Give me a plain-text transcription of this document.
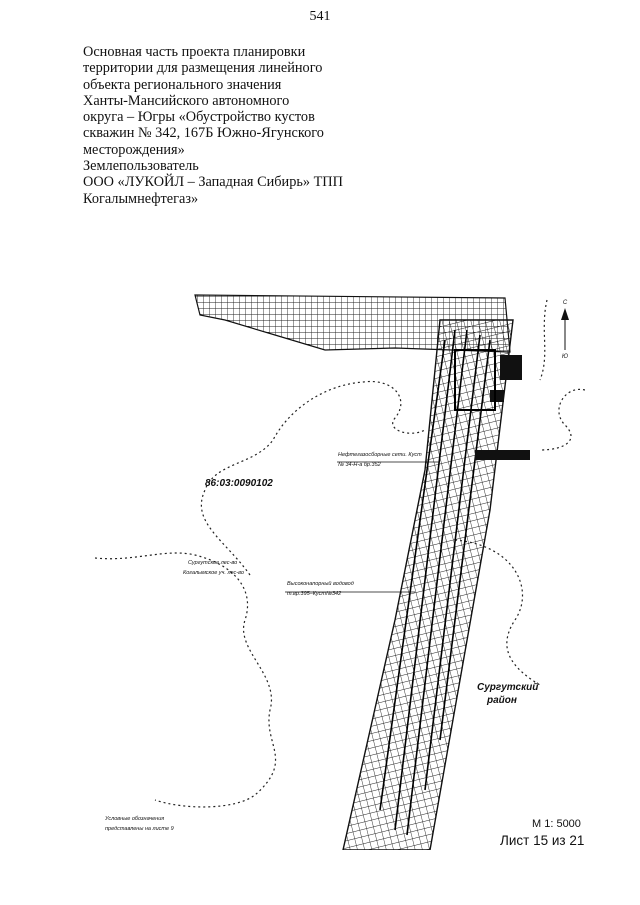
541
Основная часть проекта планировки
территории для размещения линейного
объекта регионального значения
Ханты-Мансийского автономного
округа – Югры «Обустройство кустов
скважин № 342, 167Б Южно-Ягунского
месторождения»
Землепользователь
ООО «ЛУКОЙЛ – Западная Сибирь» ТПП
Когалымнефтегаз»
С
Ю
86:03:0090102
Нефтегазосборные сети. Куст
№ 34-Н-а бр.352
Высоконапорный водовод
т.вр.395–Куст№342
Сургутское лес-во
Когалымское уч. лес-во
Сургутский
район
Условные обозначения
представлены на листе 9	М 1: 5000
Лист 15 из 21
